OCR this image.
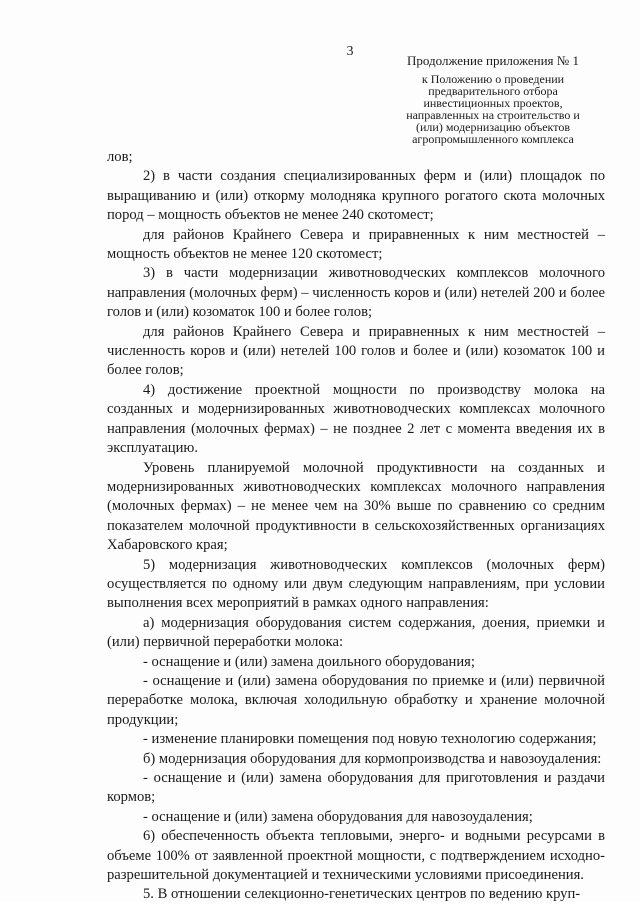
3
Продолжение приложения № 1
к Положению о проведении
предварительного отбора
инвестиционных проектов,
направленных на строительство и
(или) модернизацию объектов
агропромышленного комплекса

лов;

2) в части создания специализированных ферм и (или) площадок по выращиванию и (или) откорму молодняка крупного рогатого скота молочных пород – мощность объектов не менее 240 скотомест;

для районов Крайнего Севера и приравненных к ним местностей – мощность объектов не менее 120 скотомест;

3) в части модернизации животноводческих комплексов молочного направления (молочных ферм) – численность коров и (или) нетелей 200 и более голов и (или) козоматок 100 и более голов;

для районов Крайнего Севера и приравненных к ним местностей – численность коров и (или) нетелей 100 голов и более и (или) козоматок 100 и более голов;

4) достижение проектной мощности по производству молока на созданных и модернизированных животноводческих комплексах молочного направления (молочных фермах) – не позднее 2 лет с момента введения их в эксплуатацию.

Уровень планируемой молочной продуктивности на созданных и модернизированных животноводческих комплексах молочного направления (молочных фермах) – не менее чем на 30% выше по сравнению со средним показателем молочной продуктивности в сельскохозяйственных организациях Хабаровского края;

5) модернизация животноводческих комплексов (молочных ферм) осуществляется по одному или двум следующим направлениям, при условии выполнения всех мероприятий в рамках одного направления:

а) модернизация оборудования систем содержания, доения, приемки и (или) первичной переработки молока:

- оснащение и (или) замена доильного оборудования;

- оснащение и (или) замена оборудования по приемке и (или) первичной переработке молока, включая холодильную обработку и хранение молочной продукции;

- изменение планировки помещения под новую технологию содержания;

б) модернизация оборудования для кормопроизводства и навозоудаления:

- оснащение и (или) замена оборудования для приготовления и раздачи кормов;

- оснащение и (или) замена оборудования для навозоудаления;

6) обеспеченность объекта тепловыми, энерго- и водными ресурсами в объеме 100% от заявленной проектной мощности, с подтверждением исходно-разрешительной документацией и техническими условиями присоединения.

5. В отношении селекционно-генетических центров по ведению круп-
